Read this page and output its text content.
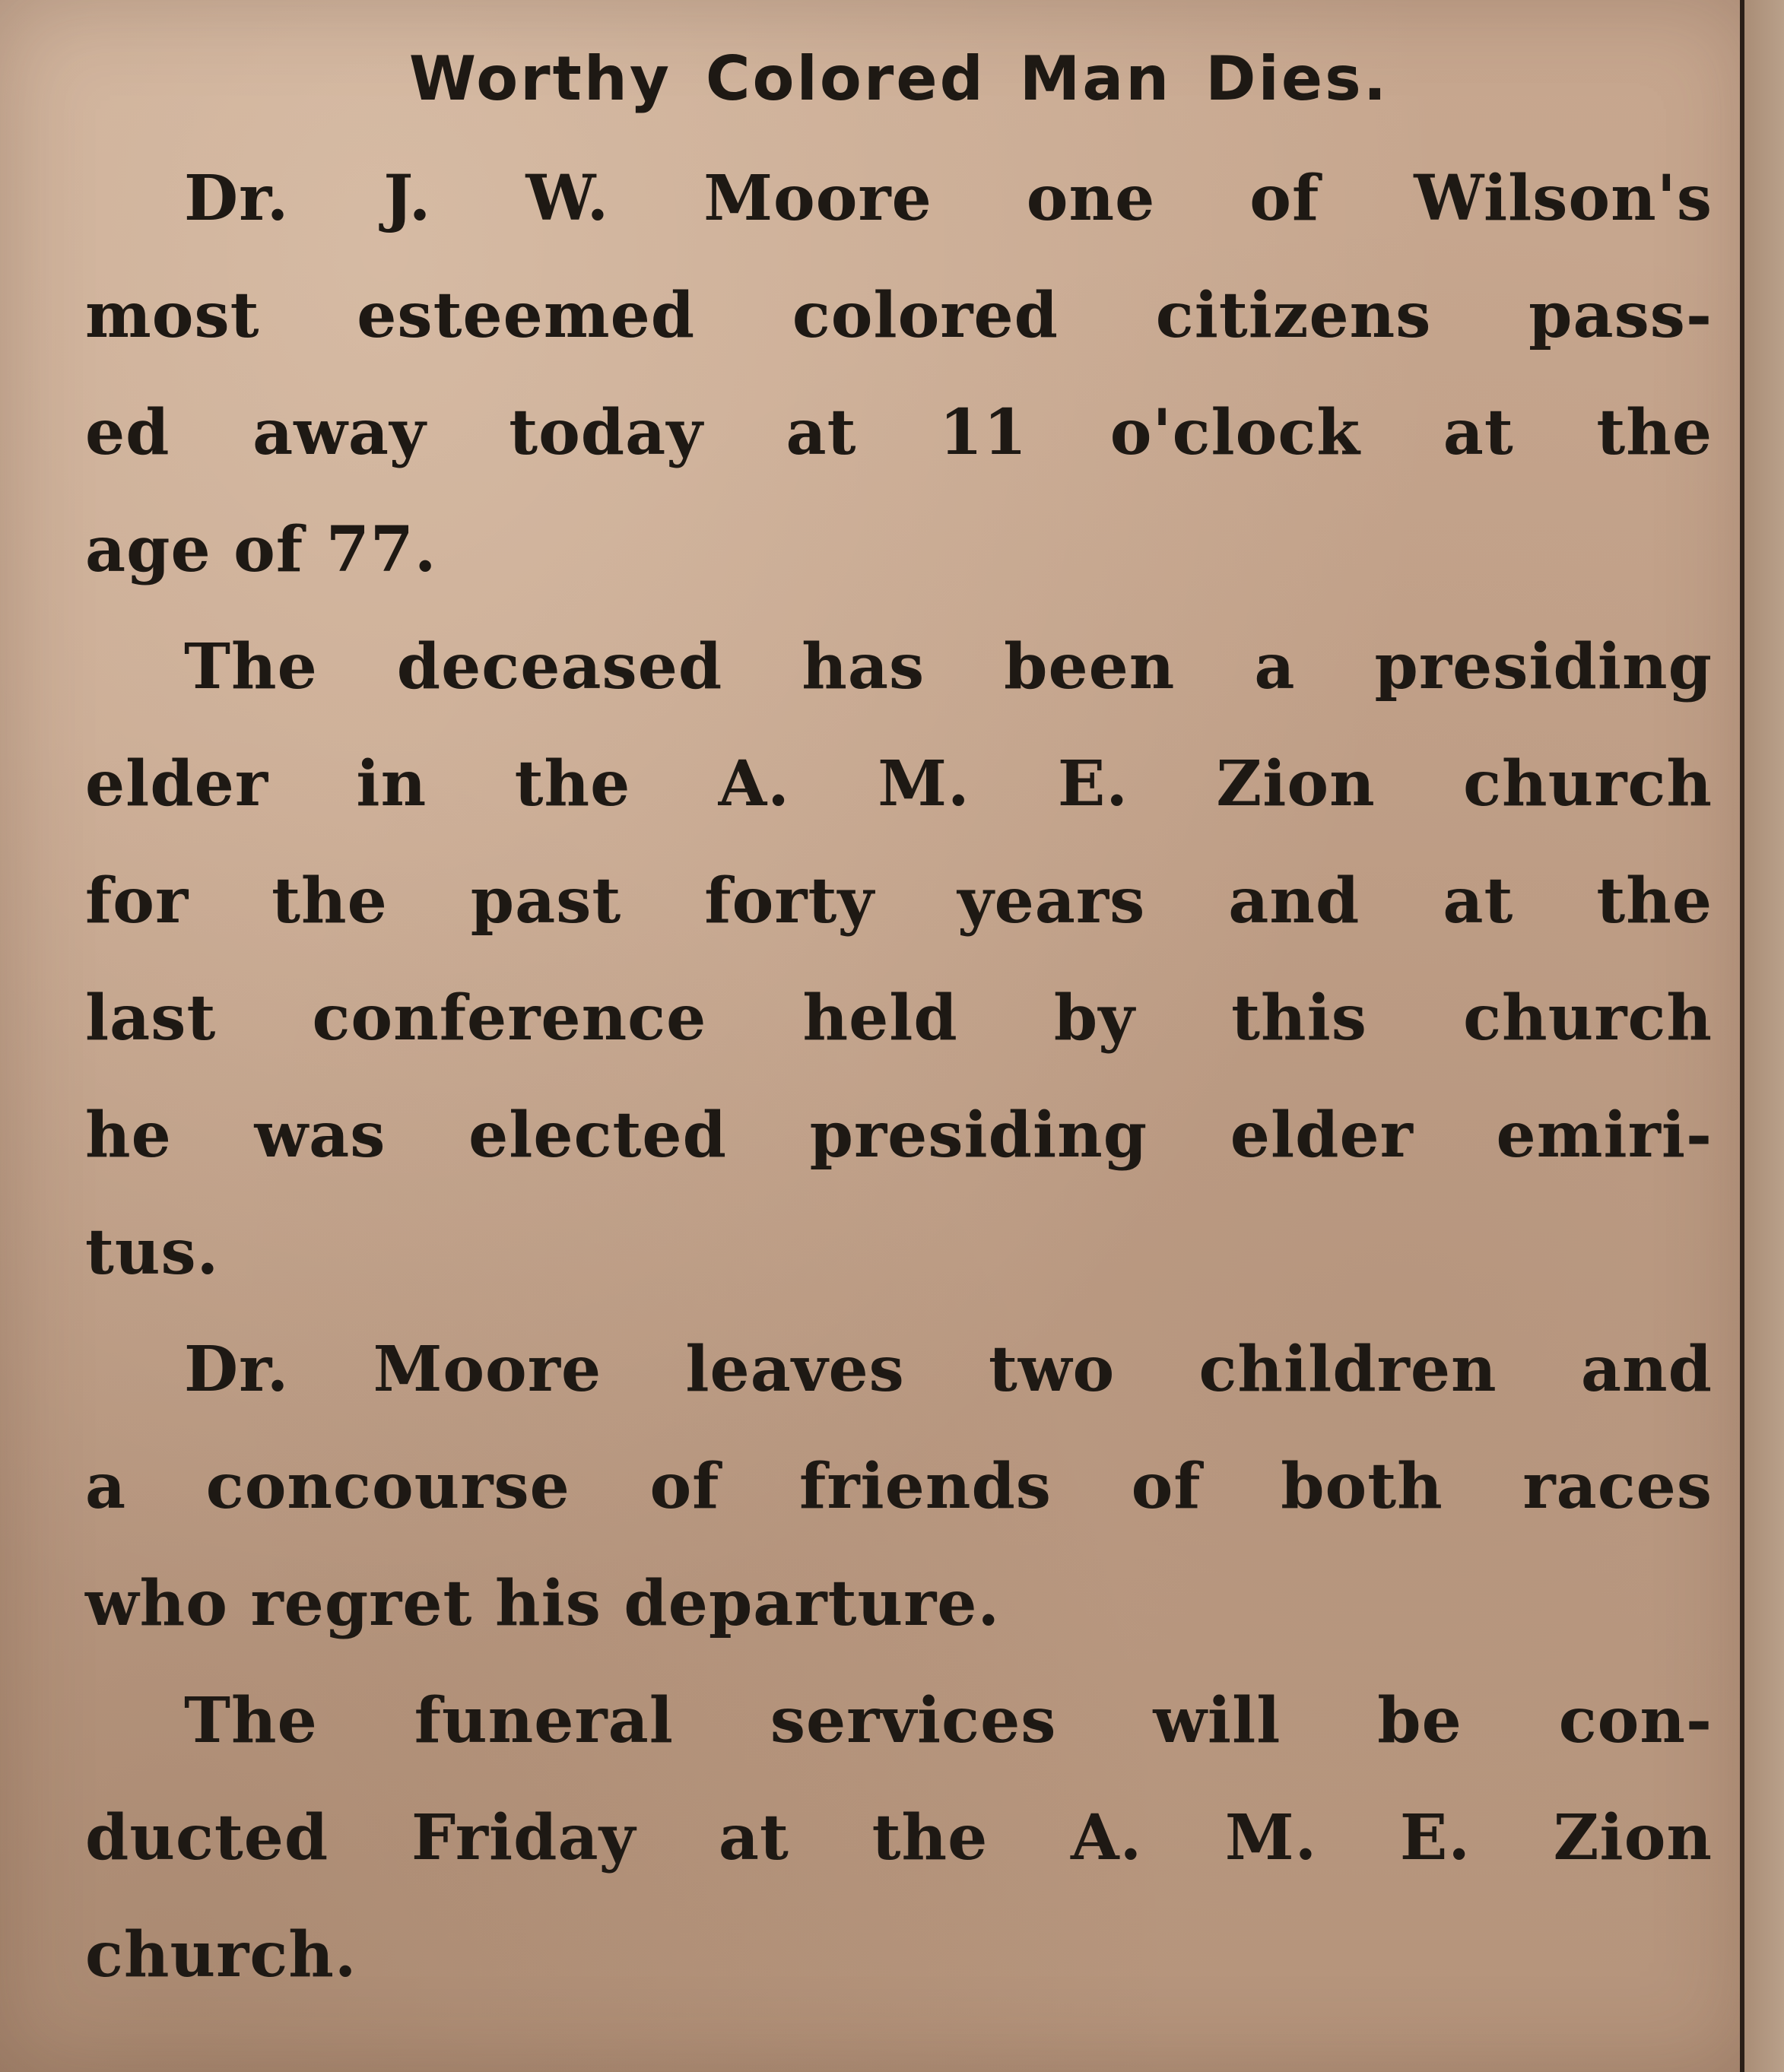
Worthy Colored Man Dies.
Dr. J. W. Moore one of Wilson's
most esteemed colored citizens pass-
ed away today at 11 o'clock at the
age of 77.
The deceased has been a presiding
elder in the A. M. E. Zion church
for the past forty years and at the
last conference held by this church
he was elected presiding elder emiri-
tus.
Dr. Moore leaves two children and
a concourse of friends of both races
who regret his departure.
The funeral services will be con-
ducted Friday at the A. M. E. Zion
church.
